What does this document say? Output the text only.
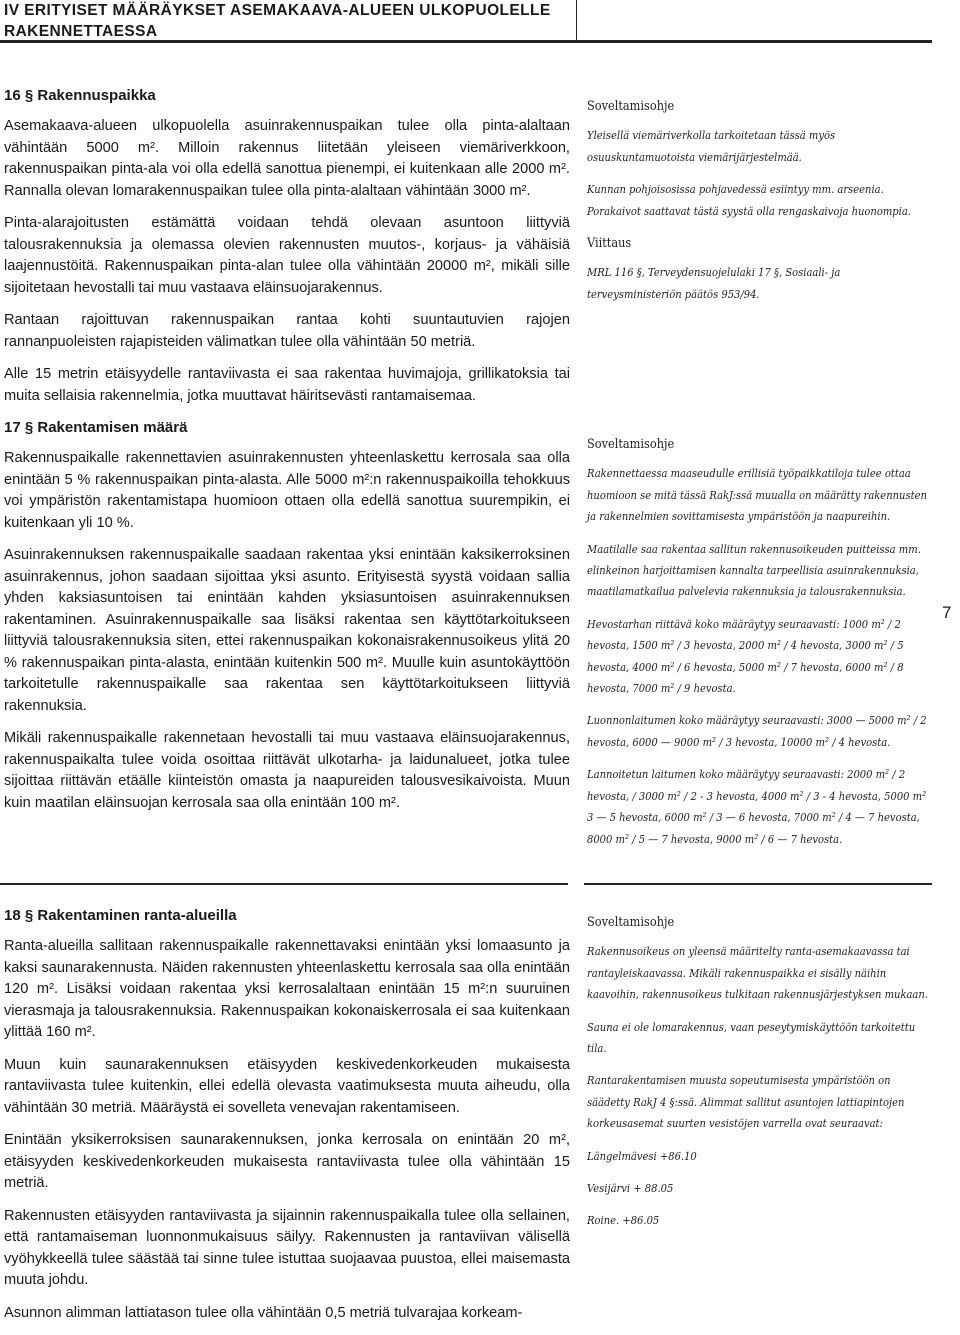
IV ERITYISET MÄÄRÄYKSET ASEMAKAAVA-ALUEEN ULKOPUOLELLE
RAKENNETTAESSA
16 § Rakennuspaikka

Asemakaava-alueen ulkopuolella asuinrakennuspaikan tulee olla pinta-alaltaan vähintään 5000 m². Milloin rakennus liitetään yleiseen viemäriverkkoon, rakennuspaikan pinta-ala voi olla edellä sanottua pienempi, ei kuitenkaan alle 2000 m². Rannalla olevan lomarakennuspaikan tulee olla pinta-alaltaan vähintään 3000 m².

Pinta-alarajoitusten estämättä voidaan tehdä olevaan asuntoon liittyviä talousrakennuksia ja olemassa olevien rakennusten muutos-, korjaus- ja vähäisiä laajennustöitä. Rakennuspaikan pinta-alan tulee olla vähintään 20000 m², mikäli sille sijoitetaan hevostalli tai muu vastaava eläinsuojarakennus.

Rantaan rajoittuvan rakennuspaikan rantaa kohti suuntautuvien rajojen rannanpuoleisten rajapisteiden välimatkan tulee olla vähintään 50 metriä.

Alle 15 metrin etäisyydelle rantaviivasta ei saa rakentaa huvimajoja, grillikatoksia tai muita sellaisia rakennelmia, jotka muuttavat häiritsevästi rantamaisemaa.

17 § Rakentamisen määrä

Rakennuspaikalle rakennettavien asuinrakennusten yhteenlaskettu kerrosala saa olla enintään 5 % rakennuspaikan pinta-alasta. Alle 5000 m²:n rakennuspaikoilla tehokkuus voi ympäristön rakentamistapa huomioon ottaen olla edellä sanottua suurempikin, ei kuitenkaan yli 10 %.

Asuinrakennuksen rakennuspaikalle saadaan rakentaa yksi enintään kaksikerroksinen asuinrakennus, johon saadaan sijoittaa yksi asunto. Erityisestä syystä voidaan sallia yhden kaksiasuntoisen tai enintään kahden yksiasuntoisen asuinrakennuksen rakentaminen. Asuinrakennuspaikalle saa lisäksi rakentaa sen käyttötarkoitukseen liittyviä talousrakennuksia siten, ettei rakennuspaikan kokonaisrakennusoikeus ylitä 20 % rakennuspaikan pinta-alasta, enintään kuitenkin 500 m². Muulle kuin asuntokäyttöön tarkoitetulle rakennuspaikalle saa rakentaa sen käyttötarkoitukseen liittyviä rakennuksia.

Mikäli rakennuspaikalle rakennetaan hevostalli tai muu vastaava eläinsuojarakennus, rakennuspaikalta tulee voida osoittaa riittävät ulkotarha- ja laidunalueet, jotka tulee sijoittaa riittävän etäälle kiinteistön omasta ja naapureiden talousvesikaivoista. Muun kuin maatilan eläinsuojan kerrosala saa olla enintään 100 m².

Soveltamisohje

Yleisellä viemäriverkolla tarkoitetaan tässä myös osuuskuntamuotoista viemärijärjestelmää.

Kunnan pohjoisosissa pohjavedessä esiintyy mm. arseenia. Porakaivot saattavat tästä syystä olla rengaskaivoja huonompia.

Viittaus

MRL 116 §, Terveydensuojelulaki 17 §, Sosiaali- ja terveysministeriön päätös 953/94.

Soveltamisohje

Rakennettaessa maaseudulle erillisiä työpaikkatiloja tulee ottaa huomioon se mitä tässä RakJ:ssä muualla on määrätty rakennusten ja rakennelmien sovittamisesta ympäristöön ja naapureihin.

Maatilalle saa rakentaa sallitun rakennusoikeuden puitteissa mm. elinkeinon harjoittamisen kannalta tarpeellisia asuinrakennuksia, maatilamatkailua palvelevia rakennuksia ja talousrakennuksia.

Hevostarhan riittävä koko määräytyy seuraavasti: 1000 m² / 2 hevosta, 1500 m² / 3 hevosta, 2000 m² / 4 hevosta, 3000 m² / 5 hevosta, 4000 m² / 6 hevosta, 5000 m² / 7 hevosta, 6000 m² / 8 hevosta, 7000 m² / 9 hevosta.

Luonnonlaitumen koko määräytyy seuraavasti: 3000 — 5000 m² / 2 hevosta, 6000 — 9000 m² / 3 hevosta, 10000 m² / 4 hevosta.

Lannoitetun laitumen koko määräytyy seuraavasti: 2000 m² / 2 hevosta, / 3000 m² / 2 - 3 hevosta, 4000 m² / 3 - 4 hevosta, 5000 m² 3 — 5 hevosta, 6000 m² / 3 — 6 hevosta, 7000 m² / 4 — 7 hevosta, 8000 m² / 5 — 7 hevosta, 9000 m² / 6 — 7 hevosta.

7
18 § Rakentaminen ranta-alueilla

Ranta-alueilla sallitaan rakennuspaikalle rakennettavaksi enintään yksi lomaasunto ja kaksi saunarakennusta. Näiden rakennusten yhteenlaskettu kerrosala saa olla enintään 120 m². Lisäksi voidaan rakentaa yksi kerrosalaltaan enintään 15 m²:n suuruinen vierasmaja ja talousrakennuksia. Rakennuspaikan kokonaiskerrosala ei saa kuitenkaan ylittää 160 m².

Muun kuin saunarakennuksen etäisyyden keskivedenkorkeuden mukaisesta rantaviivasta tulee kuitenkin, ellei edellä olevasta vaatimuksesta muuta aiheudu, olla vähintään 30 metriä. Määräystä ei sovelleta venevajan rakentamiseen.

Enintään yksikerroksisen saunarakennuksen, jonka kerrosala on enintään 20 m², etäisyyden keskivedenkorkeuden mukaisesta rantaviivasta tulee olla vähintään 15 metriä.

Rakennusten etäisyyden rantaviivasta ja sijainnin rakennuspaikalla tulee olla sellainen, että rantamaiseman luonnonmukaisuus säilyy. Rakennusten ja rantaviivan välisellä vyöhykkeellä tulee säästää tai sinne tulee istuttaa suojaavaa puustoa, ellei maisemasta muuta johdu.

Asunnon alimman lattiatason tulee olla vähintään 0,5 metriä tulvarajaa korkeam-

Soveltamisohje

Rakennusoikeus on yleensä määritelty ranta-asemakaavassa tai rantayleiskaavassa. Mikäli rakennuspaikka ei sisälly näihin kaavoihin, rakennusoikeus tulkitaan rakennusjärjestyksen mukaan.

Sauna ei ole lomarakennus, vaan peseytymiskäyttöön tarkoitettu tila.

Rantarakentamisen muusta sopeutumisesta ympäristöön on säädetty RakJ 4 §:ssä. Alimmat sallitut asuntojen lattiapintojen korkeusasemat suurten vesistöjen varrella ovat seuraavat:

Längelmävesi +86.10

Vesijärvi + 88.05

Roine. +86.05
